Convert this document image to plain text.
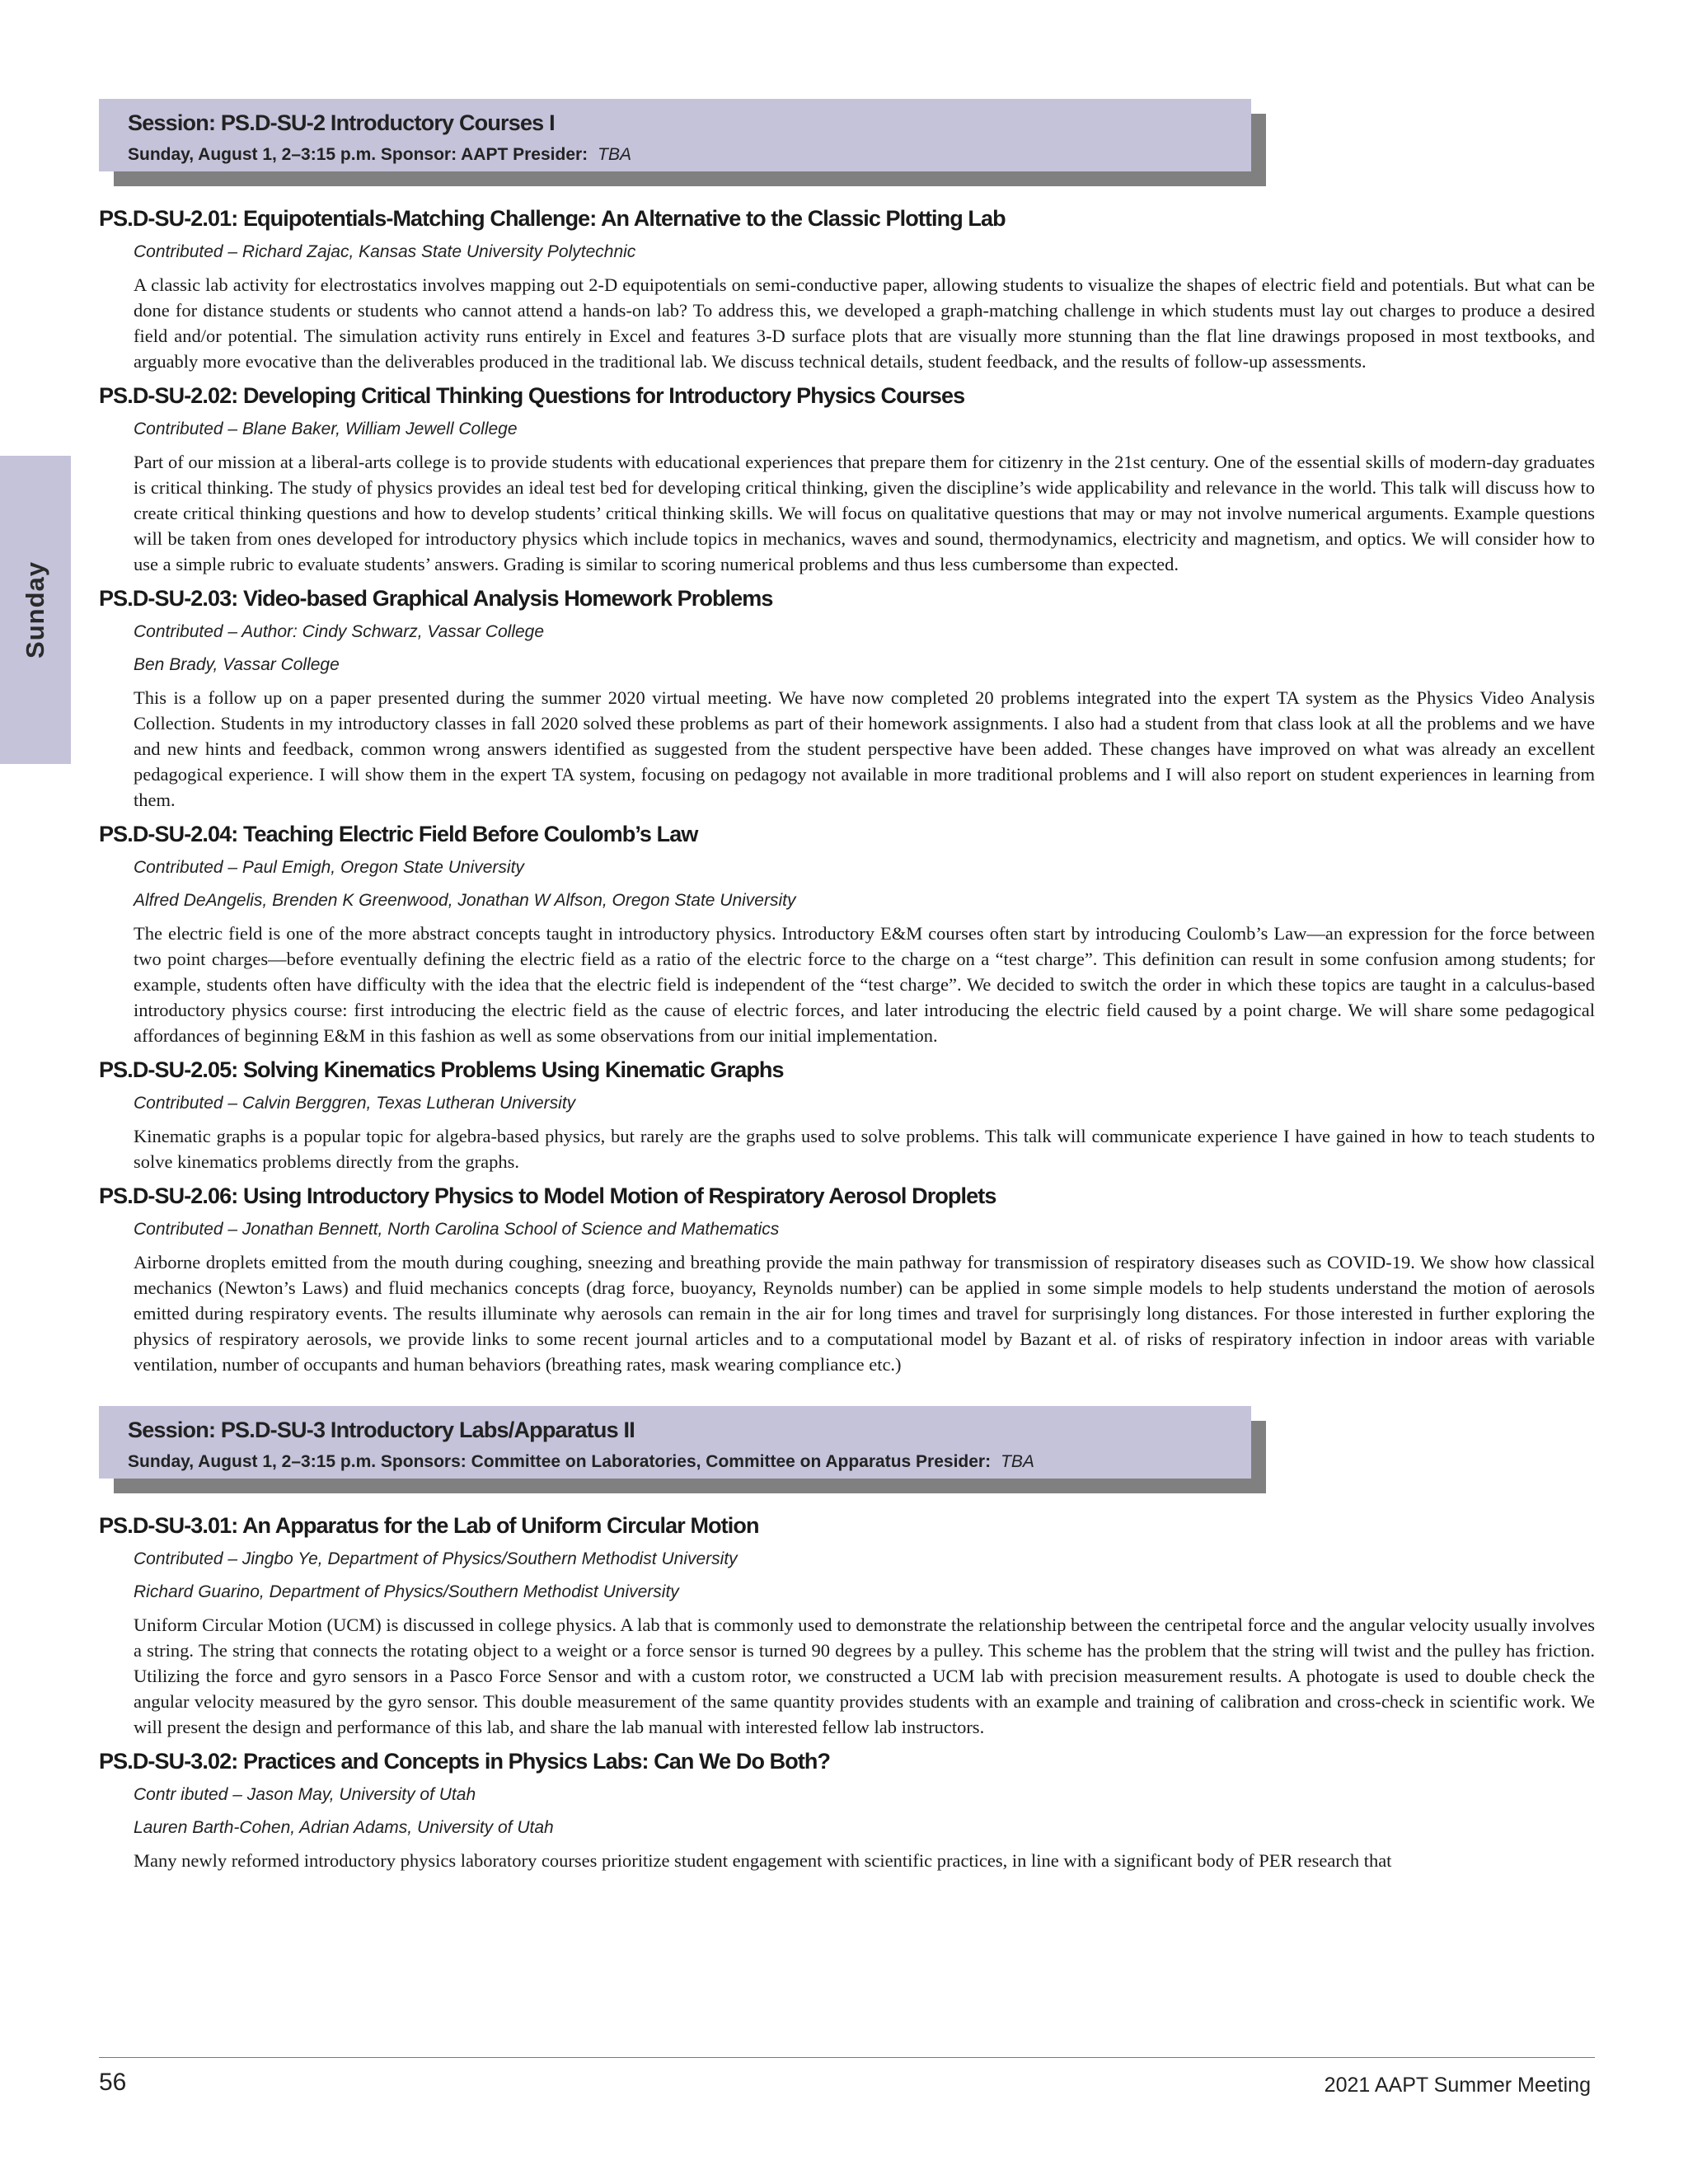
Sunday
Session: PS.D-SU-2 Introductory Courses I
Sunday, August 1, 2–3:15 p.m. Sponsor: AAPT Presider: TBA
PS.D-SU-2.01: Equipotentials-Matching Challenge: An Alternative to the Classic Plotting Lab
Contributed – Richard Zajac, Kansas State University Polytechnic
A classic lab activity for electrostatics involves mapping out 2-D equipotentials on semi-conductive paper, allowing students to visualize the shapes of electric field and potentials. But what can be done for distance students or students who cannot attend a hands-on lab? To address this, we developed a graph-matching challenge in which students must lay out charges to produce a desired field and/or potential. The simulation activity runs entirely in Excel and features 3-D surface plots that are visually more stunning than the flat line drawings proposed in most textbooks, and arguably more evocative than the deliverables produced in the traditional lab. We discuss technical details, student feedback, and the results of follow-up assessments.
PS.D-SU-2.02: Developing Critical Thinking Questions for Introductory Physics Courses
Contributed – Blane Baker, William Jewell College
Part of our mission at a liberal-arts college is to provide students with educational experiences that prepare them for citizenry in the 21st century. One of the essential skills of modern-day graduates is critical thinking. The study of physics provides an ideal test bed for developing critical thinking, given the discipline’s wide applicability and relevance in the world. This talk will discuss how to create critical thinking questions and how to develop students’ critical thinking skills. We will focus on qualitative questions that may or may not involve numerical arguments. Example questions will be taken from ones developed for introductory physics which include topics in mechanics, waves and sound, thermodynamics, electricity and magnetism, and optics. We will consider how to use a simple rubric to evaluate students’ answers. Grading is similar to scoring numerical problems and thus less cumbersome than expected.
PS.D-SU-2.03: Video-based Graphical Analysis Homework Problems
Contributed – Author: Cindy Schwarz, Vassar College
Ben Brady, Vassar College
This is a follow up on a paper presented during the summer 2020 virtual meeting. We have now completed 20 problems integrated into the expert TA system as the Physics Video Analysis Collection. Students in my introductory classes in fall 2020 solved these problems as part of their homework assignments. I also had a student from that class look at all the problems and we have and new hints and feedback, common wrong answers identified as suggested from the student perspective have been added. These changes have improved on what was already an excellent pedagogical experience. I will show them in the expert TA system, focusing on pedagogy not available in more traditional problems and I will also report on student experiences in learning from them.
PS.D-SU-2.04: Teaching Electric Field Before Coulomb’s Law
Contributed – Paul Emigh, Oregon State University
Alfred DeAngelis, Brenden K Greenwood, Jonathan W Alfson, Oregon State University
The electric field is one of the more abstract concepts taught in introductory physics. Introductory E&M courses often start by introducing Coulomb’s Law—an expression for the force between two point charges—before eventually defining the electric field as a ratio of the electric force to the charge on a “test charge”. This definition can result in some confusion among students; for example, students often have difficulty with the idea that the electric field is independent of the “test charge”. We decided to switch the order in which these topics are taught in a calculus-based introductory physics course: first introducing the electric field as the cause of electric forces, and later introducing the electric field caused by a point charge. We will share some pedagogical affordances of beginning E&M in this fashion as well as some observations from our initial implementation.
PS.D-SU-2.05: Solving Kinematics Problems Using Kinematic Graphs
Contributed – Calvin Berggren, Texas Lutheran University
Kinematic graphs is a popular topic for algebra-based physics, but rarely are the graphs used to solve problems. This talk will communicate experience I have gained in how to teach students to solve kinematics problems directly from the graphs.
PS.D-SU-2.06: Using Introductory Physics to Model Motion of Respiratory Aerosol Droplets
Contributed – Jonathan Bennett, North Carolina School of Science and Mathematics
Airborne droplets emitted from the mouth during coughing, sneezing and breathing provide the main pathway for transmission of respiratory diseases such as COVID-19. We show how classical mechanics (Newton’s Laws) and fluid mechanics concepts (drag force, buoyancy, Reynolds number) can be applied in some simple models to help students understand the motion of aerosols emitted during respiratory events. The results illuminate why aerosols can remain in the air for long times and travel for surprisingly long distances. For those interested in further exploring the physics of respiratory aerosols, we provide links to some recent journal articles and to a computational model by Bazant et al. of risks of respiratory infection in indoor areas with variable ventilation, number of occupants and human behaviors (breathing rates, mask wearing compliance etc.)
Session: PS.D-SU-3 Introductory Labs/Apparatus II
Sunday, August 1, 2–3:15 p.m. Sponsors: Committee on Laboratories, Committee on Apparatus Presider: TBA
PS.D-SU-3.01: An Apparatus for the Lab of Uniform Circular Motion
Contributed – Jingbo Ye, Department of Physics/Southern Methodist University
Richard Guarino, Department of Physics/Southern Methodist University
Uniform Circular Motion (UCM) is discussed in college physics. A lab that is commonly used to demonstrate the relationship between the centripetal force and the angular velocity usually involves a string. The string that connects the rotating object to a weight or a force sensor is turned 90 degrees by a pulley. This scheme has the problem that the string will twist and the pulley has friction. Utilizing the force and gyro sensors in a Pasco Force Sensor and with a custom rotor, we constructed a UCM lab with precision measurement results. A photogate is used to double check the angular velocity measured by the gyro sensor. This double measurement of the same quantity provides students with an example and training of calibration and cross-check in scientific work. We will present the design and performance of this lab, and share the lab manual with interested fellow lab instructors.
PS.D-SU-3.02: Practices and Concepts in Physics Labs: Can We Do Both?
Contr ibuted – Jason May, University of Utah
Lauren Barth-Cohen, Adrian Adams, University of Utah
Many newly reformed introductory physics laboratory courses prioritize student engagement with scientific practices, in line with a significant body of PER research that
56	2021 AAPT Summer Meeting
